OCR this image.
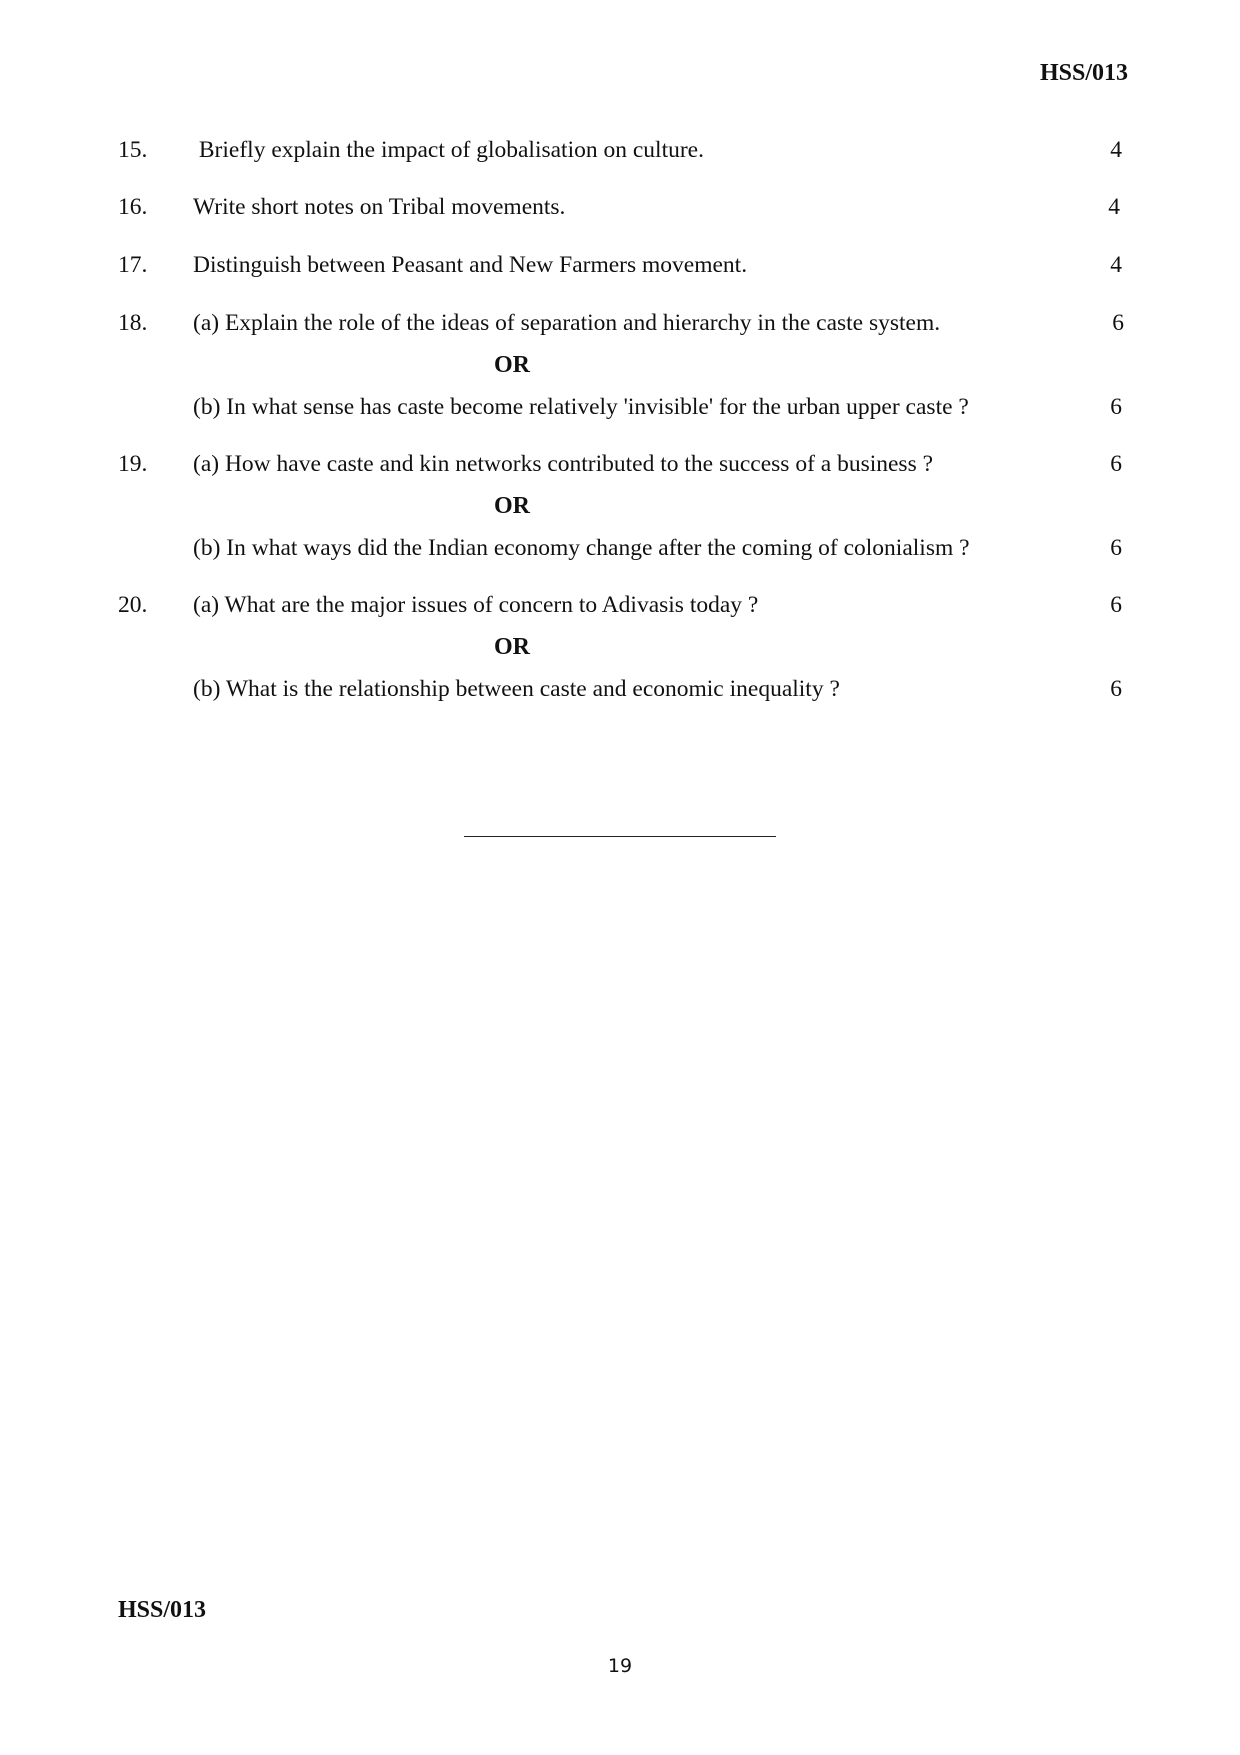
HSS/013
15. Briefly explain the impact of globalisation on culture.	4
16. Write short notes on Tribal movements.	4
17. Distinguish between Peasant and New Farmers movement.	4
18. (a) Explain the role of the ideas of separation and hierarchy in the caste system.	6
OR
(b) In what sense has caste become relatively 'invisible' for the urban upper caste ?	6
19. (a) How have caste and kin networks contributed to the success of a business ?	6
OR
(b) In what ways did the Indian economy change after the coming of colonialism ?	6
20. (a) What are the major issues of concern to Adivasis today ?	6
OR
(b) What is the relationship between caste and economic inequality ?	6
HSS/013
19
